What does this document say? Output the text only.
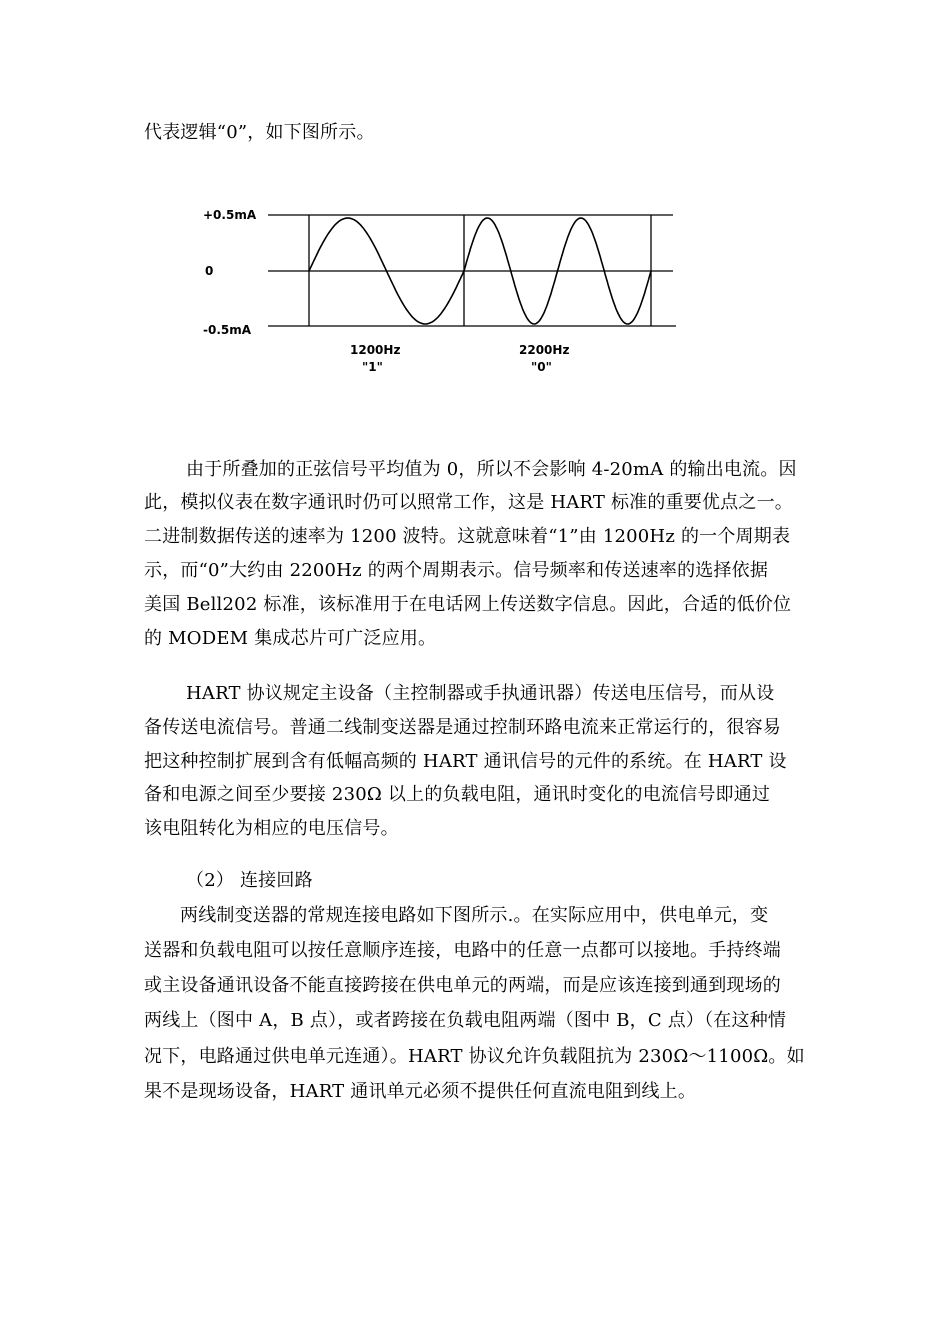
代表逻辑“0”，如下图所示。
+0.5mA
0
-0.5mA
1200Hz
"1"
2200Hz
"0"
由于所叠加的正弦信号平均值为 0，所以不会影响 4-20mA 的输出电流。因
此，模拟仪表在数字通讯时仍可以照常工作，这是 HART 标准的重要优点之一。
二进制数据传送的速率为 1200 波特。这就意味着“1”由 1200Hz 的一个周期表
示，而“0”大约由 2200Hz 的两个周期表示。信号频率和传送速率的选择依据
美国 Bell202 标准，该标准用于在电话网上传送数字信息。因此，合适的低价位
的 MODEM 集成芯片可广泛应用。
HART 协议规定主设备（主控制器或手执通讯器）传送电压信号，而从设
备传送电流信号。普通二线制变送器是通过控制环路电流来正常运行的，很容易
把这种控制扩展到含有低幅高频的 HART 通讯信号的元件的系统。在 HART 设
备和电源之间至少要接 230Ω 以上的负载电阻，通讯时变化的电流信号即通过
该电阻转化为相应的电压信号。
（2） 连接回路
两线制变送器的常规连接电路如下图所示.。在实际应用中，供电单元，变
送器和负载电阻可以按任意顺序连接，电路中的任意一点都可以接地。手持终端
或主设备通讯设备不能直接跨接在供电单元的两端，而是应该连接到通到现场的
两线上（图中 A，B 点），或者跨接在负载电阻两端（图中 B，C 点）（在这种情
况下，电路通过供电单元连通）。HART 协议允许负载阻抗为 230Ω～1100Ω。如
果不是现场设备，HART 通讯单元必须不提供任何直流电阻到线上。
